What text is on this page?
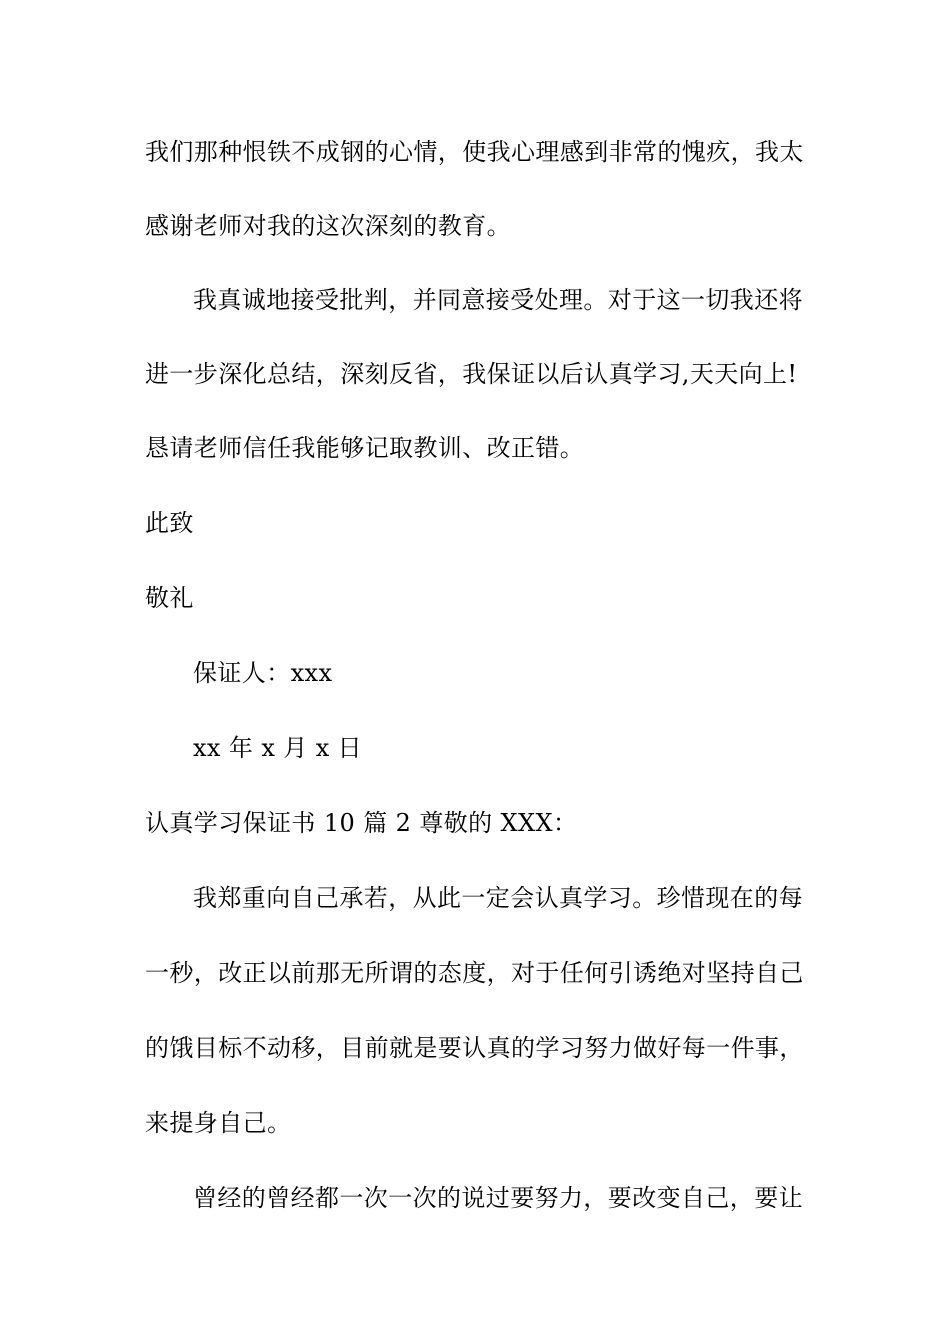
我们那种恨铁不成钢的心情，使我心理感到非常的愧疚，我太
感谢老师对我的这次深刻的教育。
我真诚地接受批判，并同意接受处理。对于这一切我还将
进一步深化总结，深刻反省，我保证以后认真学习,天天向上!
恳请老师信任我能够记取教训、改正错。
此致
敬礼
保证人：xxx
xx 年 x 月 x 日
认真学习保证书 10 篇 2 尊敬的 XXX：
我郑重向自己承若，从此一定会认真学习。珍惜现在的每
一秒，改正以前那无所谓的态度，对于任何引诱绝对坚持自己
的饿目标不动移，目前就是要认真的学习努力做好每一件事，
来提身自己。
曾经的曾经都一次一次的说过要努力，要改变自己，要让
